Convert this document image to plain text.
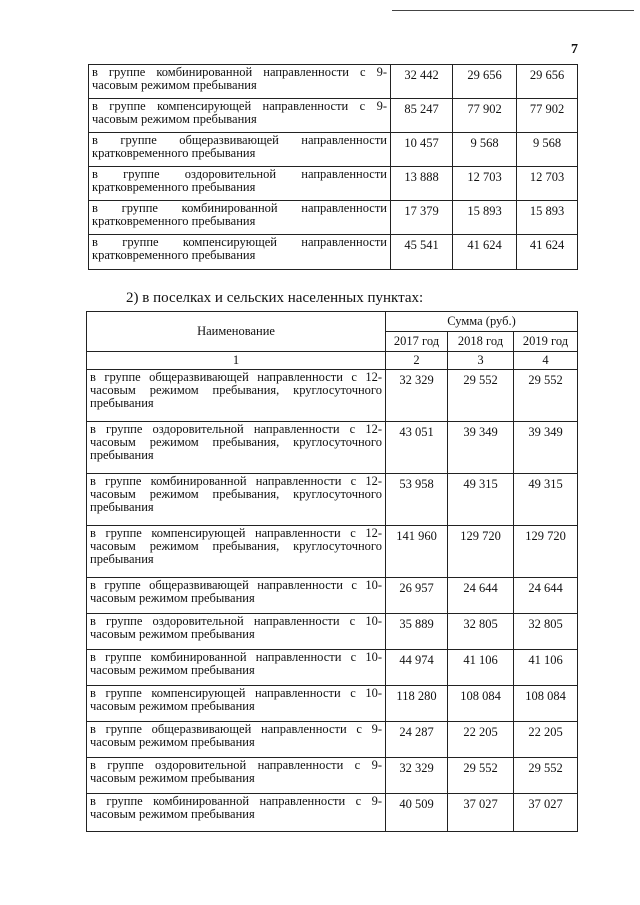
7
в группе комбинированной направленности с 9-часовым режимом пребывания	32 442	29 656	29 656
в группе компенсирующей направленности с 9-часовым режимом пребывания	85 247	77 902	77 902
в группе общеразвивающей направленности кратковременного пребывания	10 457	9 568	9 568
в группе оздоровительной направленности кратковременного пребывания	13 888	12 703	12 703
в группе комбинированной направленности кратковременного пребывания	17 379	15 893	15 893
в группе компенсирующей направленности кратковременного пребывания	45 541	41 624	41 624
2) в поселках и сельских населенных пунктах:
Наименование	Сумма (руб.)		
	2017 год	2018 год	2019 год
1	2	3	4
в группе общеразвивающей направленности с 12-часовым режимом пребывания, круглосуточного пребывания	32 329	29 552	29 552
в группе оздоровительной направленности с 12-часовым режимом пребывания, круглосуточного пребывания	43 051	39 349	39 349
в группе комбинированной направленности с 12-часовым режимом пребывания, круглосуточного пребывания	53 958	49 315	49 315
в группе компенсирующей направленности с 12-часовым режимом пребывания, круглосуточного пребывания	141 960	129 720	129 720
в группе общеразвивающей направленности с 10-часовым режимом пребывания	26 957	24 644	24 644
в группе оздоровительной направленности с 10-часовым режимом пребывания	35 889	32 805	32 805
в группе комбинированной направленности с 10-часовым режимом пребывания	44 974	41 106	41 106
в группе компенсирующей направленности с 10-часовым режимом пребывания	118 280	108 084	108 084
в группе общеразвивающей направленности с 9-часовым режимом пребывания	24 287	22 205	22 205
в группе оздоровительной направленности с 9-часовым режимом пребывания	32 329	29 552	29 552
в группе комбинированной направленности с 9-часовым режимом пребывания	40 509	37 027	37 027
